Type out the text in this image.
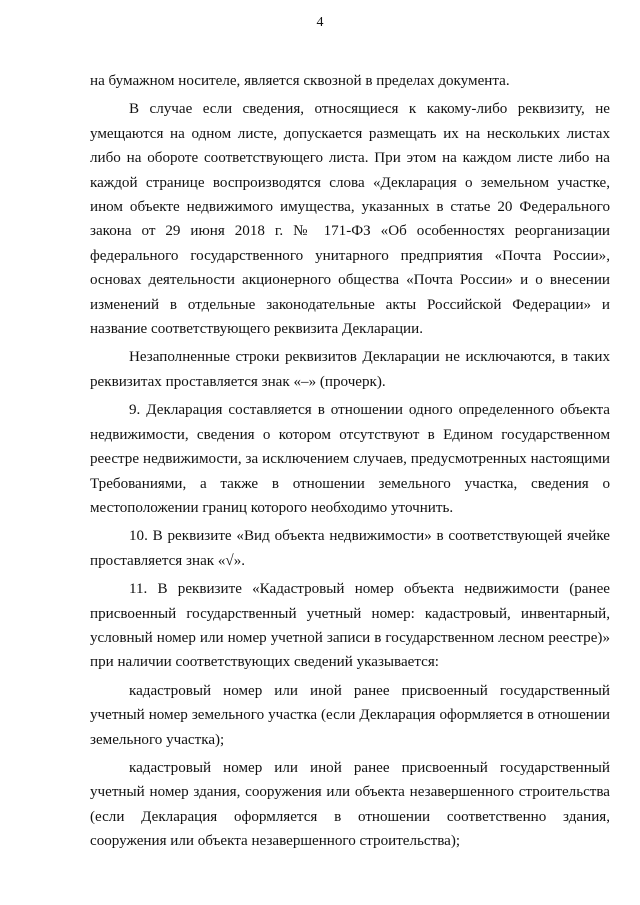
4

на бумажном носителе, является сквозной в пределах документа.

В случае если сведения, относящиеся к какому-либо реквизиту, не умещаются на одном листе, допускается размещать их на нескольких листах либо на обороте соответствующего листа. При этом на каждом листе либо на каждой странице воспроизводятся слова «Декларация о земельном участке, ином объекте недвижимого имущества, указанных в статье 20 Федерального закона от 29 июня 2018 г. № 171-ФЗ «Об особенностях реорганизации федерального государственного унитарного предприятия «Почта России», основах деятельности акционерного общества «Почта России» и о внесении изменений в отдельные законодательные акты Российской Федерации» и название соответствующего реквизита Декларации.

Незаполненные строки реквизитов Декларации не исключаются, в таких реквизитах проставляется знак «–» (прочерк).

9. Декларация составляется в отношении одного определенного объекта недвижимости, сведения о котором отсутствуют в Едином государственном реестре недвижимости, за исключением случаев, предусмотренных настоящими Требованиями, а также в отношении земельного участка, сведения о местоположении границ которого необходимо уточнить.

10. В реквизите «Вид объекта недвижимости» в соответствующей ячейке проставляется знак «√».

11. В реквизите «Кадастровый номер объекта недвижимости (ранее присвоенный государственный учетный номер: кадастровый, инвентарный, условный номер или номер учетной записи в государственном лесном реестре)» при наличии соответствующих сведений указывается:

кадастровый номер или иной ранее присвоенный государственный учетный номер земельного участка (если Декларация оформляется в отношении земельного участка);

кадастровый номер или иной ранее присвоенный государственный учетный номер здания, сооружения или объекта незавершенного строительства (если Декларация оформляется в отношении соответственно здания, сооружения или объекта незавершенного строительства);
